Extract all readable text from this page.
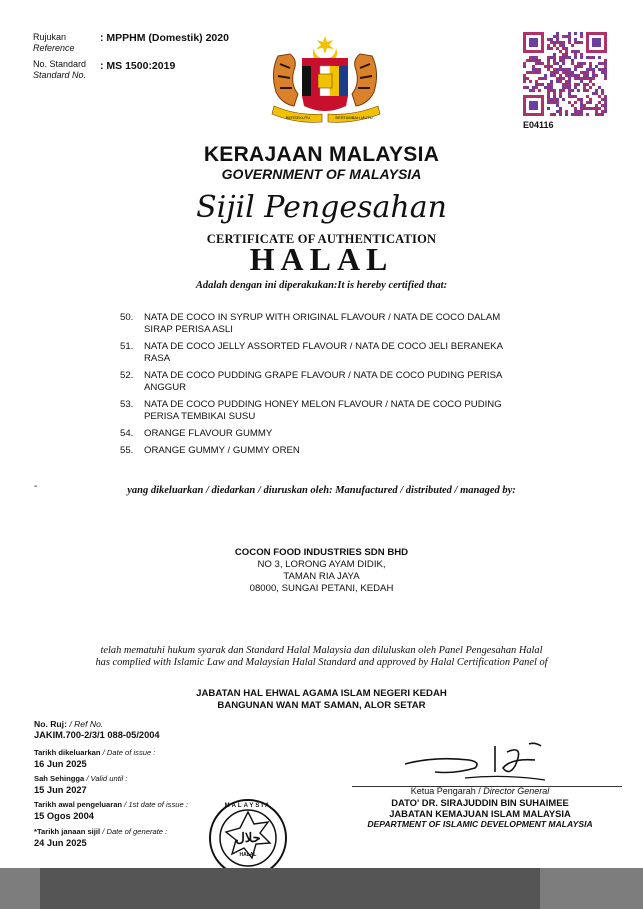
Rujukan
Reference
: MPPHM (Domestik) 2020
No. Standard
Standard No.
: MS 1500:2019
BERSEKUTU	BERTAMBAH MUTU
E04116
KERAJAAN MALAYSIA
GOVERNMENT OF MALAYSIA
Sijil Pengesahan
CERTIFICATE OF AUTHENTICATION
HALAL
Adalah dengan ini diperakukan:It is hereby certified that:
50.	NATA DE COCO IN SYRUP WITH ORIGINAL FLAVOUR / NATA DE COCO DALAM SIRAP PERISA ASLI
51.	NATA DE COCO JELLY ASSORTED FLAVOUR / NATA DE COCO JELI BERANEKA RASA
52.	NATA DE COCO PUDDING GRAPE FLAVOUR / NATA DE COCO PUDING PERISA ANGGUR
53.	NATA DE COCO PUDDING HONEY MELON FLAVOUR / NATA DE COCO PUDING PERISA TEMBIKAI SUSU
54.	ORANGE FLAVOUR GUMMY
55.	ORANGE GUMMY / GUMMY OREN
-	yang dikeluarkan / diedarkan / diuruskan oleh: Manufactured / distributed / managed by:
COCON FOOD INDUSTRIES SDN BHD
NO 3, LORONG AYAM DIDIK,
TAMAN RIA JAYA
08000, SUNGAI PETANI, KEDAH
telah mematuhi hukum syarak dan Standard Halal Malaysia dan diluluskan oleh Panel Pengesahan Halal
has complied with Islamic Law and Malaysian Halal Standard and approved by Halal Certification Panel of
JABATAN HAL EHWAL AGAMA ISLAM NEGERI KEDAH
BANGUNAN WAN MAT SAMAN, ALOR SETAR
No. Ruj: / Ref No.
JAKIM.700-2/3/1 088-05/2004
Tarikh dikeluarkan / Date of issue :
16 Jun 2025
Sah Sehingga / Valid until :
15 Jun 2027
Tarikh awal pengeluaran / 1st date of issue :
15 Ogos 2004
*Tarikh janaan sijil / Date of generate :
24 Jun 2025	حلال
HALAL
MALAYSIA
Ketua Pengarah / Director General
DATO' DR. SIRAJUDDIN BIN SUHAIMEE
JABATAN KEMAJUAN ISLAM MALAYSIA
DEPARTMENT OF ISLAMIC DEVELOPMENT MALAYSIA
